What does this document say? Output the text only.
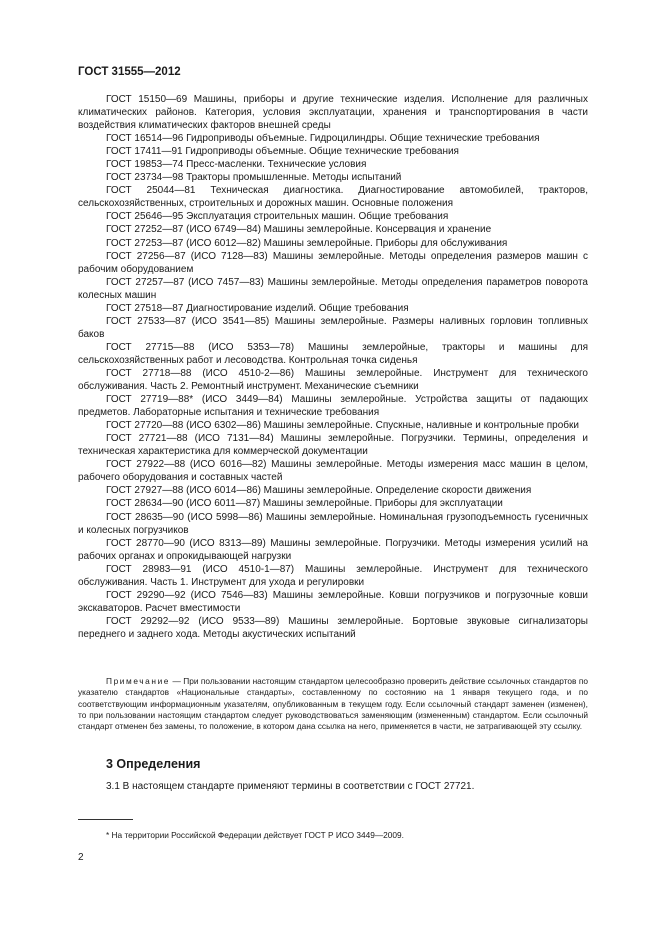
ГОСТ 31555—2012

ГОСТ 15150—69 Машины, приборы и другие технические изделия. Исполнение для различных климатических районов. Категория, условия эксплуатации, хранения и транспортирования в части воздействия климатических факторов внешней среды

ГОСТ 16514—96 Гидроприводы объемные. Гидроцилиндры. Общие технические требования

ГОСТ 17411—91 Гидроприводы объемные. Общие технические требования

ГОСТ 19853—74 Пресс-масленки. Технические условия

ГОСТ 23734—98 Тракторы промышленные. Методы испытаний

ГОСТ 25044—81 Техническая диагностика. Диагностирование автомобилей, тракторов, сельскохозяйственных, строительных и дорожных машин. Основные положения

ГОСТ 25646—95 Эксплуатация строительных машин. Общие требования

ГОСТ 27252—87 (ИСО 6749—84) Машины землеройные. Консервация и хранение

ГОСТ 27253—87 (ИСО 6012—82) Машины землеройные. Приборы для обслуживания

ГОСТ 27256—87 (ИСО 7128—83) Машины землеройные. Методы определения размеров машин с рабочим оборудованием

ГОСТ 27257—87 (ИСО 7457—83) Машины землеройные. Методы определения параметров поворота колесных машин

ГОСТ 27518—87 Диагностирование изделий. Общие требования

ГОСТ 27533—87 (ИСО 3541—85) Машины землеройные. Размеры наливных горловин топливных баков

ГОСТ 27715—88 (ИСО 5353—78) Машины землеройные, тракторы и машины для сельскохозяйственных работ и лесоводства. Контрольная точка сиденья

ГОСТ 27718—88 (ИСО 4510-2—86) Машины землеройные. Инструмент для технического обслуживания. Часть 2. Ремонтный инструмент. Механические съемники

ГОСТ 27719—88* (ИСО 3449—84) Машины землеройные. Устройства защиты от падающих предметов. Лабораторные испытания и технические требования

ГОСТ 27720—88 (ИСО 6302—86) Машины землеройные. Спускные, наливные и контрольные пробки

ГОСТ 27721—88 (ИСО 7131—84) Машины землеройные. Погрузчики. Термины, определения и техническая характеристика для коммерческой документации

ГОСТ 27922—88 (ИСО 6016—82) Машины землеройные. Методы измерения масс машин в целом, рабочего оборудования и составных частей

ГОСТ 27927—88 (ИСО 6014—86) Машины землеройные. Определение скорости движения

ГОСТ 28634—90 (ИСО 6011—87) Машины землеройные. Приборы для эксплуатации

ГОСТ 28635—90 (ИСО 5998—86) Машины землеройные. Номинальная грузоподъемность гусеничных и колесных погрузчиков

ГОСТ 28770—90 (ИСО 8313—89) Машины землеройные. Погрузчики. Методы измерения усилий на рабочих органах и опрокидывающей нагрузки

ГОСТ 28983—91 (ИСО 4510-1—87) Машины землеройные. Инструмент для технического обслуживания. Часть 1. Инструмент для ухода и регулировки

ГОСТ 29290—92 (ИСО 7546—83) Машины землеройные. Ковши погрузчиков и погрузочные ковши экскаваторов. Расчет вместимости

ГОСТ 29292—92 (ИСО 9533—89) Машины землеройные. Бортовые звуковые сигнализаторы переднего и заднего хода. Методы акустических испытаний

Примечание — При пользовании настоящим стандартом целесообразно проверить действие ссылочных стандартов по указателю стандартов «Национальные стандарты», составленному по состоянию на 1 января текущего года, и по соответствующим информационным указателям, опубликованным в текущем году. Если ссылочный стандарт заменен (изменен), то при пользовании настоящим стандартом следует руководствоваться заменяющим (измененным) стандартом. Если ссылочный стандарт отменен без замены, то положение, в котором дана ссылка на него, применяется в части, не затрагивающей эту ссылку.

3 Определения
3.1 В настоящем стандарте применяют термины в соответствии с ГОСТ 27721.
* На территории Российской Федерации действует ГОСТ Р ИСО 3449—2009.
2
